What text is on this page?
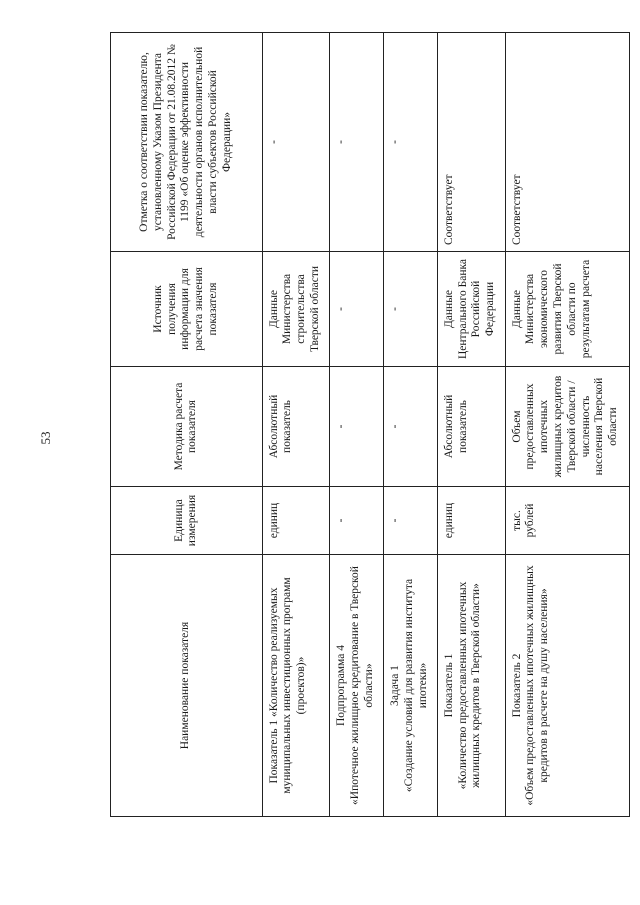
53
Наименование показателя	Единица измерения	Методика расчета показателя	Источник получения информации для расчета значения показателя	Отметка о соответствии показателю, установленному Указом Президента Российской Федерации от 21.08.2012 № 1199 «Об оценке эффективности деятельности органов исполнительной власти субъектов Российской Федерации»

Показатель 1 «Количество реализуемых муниципальных инвестиционных программ (проектов)»	единиц	Абсолютный показатель	Данные Министерства строительства Тверской области	-

Подпрограмма 4 «Ипотечное жилищное кредитование в Тверской области»	-	-	-	-

Задача 1 «Создание условий для развития института ипотеки»	-	-	-	-

Показатель 1 «Количество предоставленных ипотечных жилищных кредитов в Тверской области»	единиц	Абсолютный показатель	Данные Центрального Банка Российской Федерации	Соответствует

Показатель 2 «Объем предоставленных ипотечных жилищных кредитов в расчете на душу населения»	тыс. рублей	Объем предоставленных ипотечных жилищных кредитов Тверской области / численность населения Тверской области	Данные Министерства экономического развития Тверской области по результатам расчета	Соответствует
